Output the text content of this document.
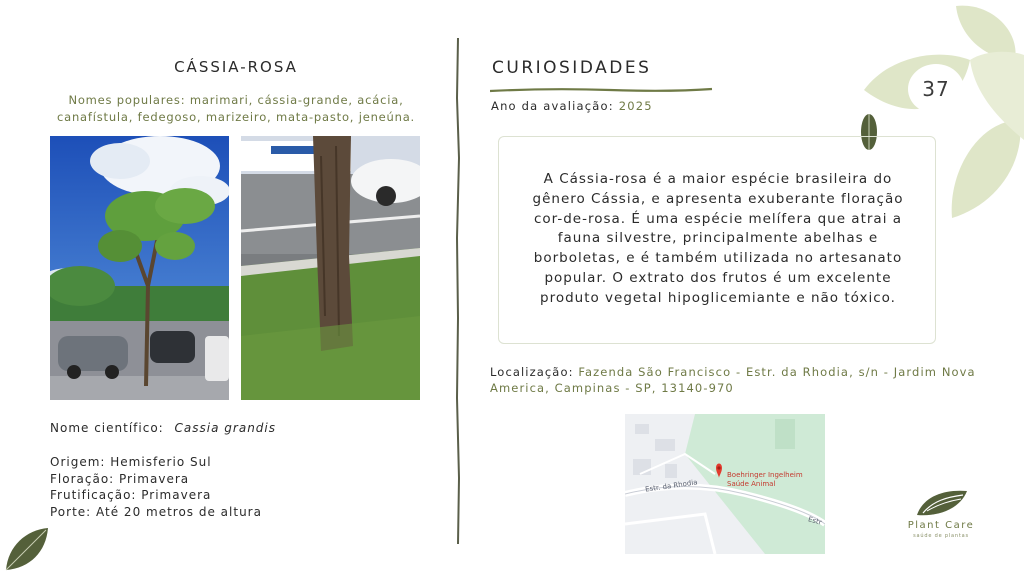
CÁSSIA-ROSA
Nomes populares: marimari, cássia-grande, acácia, canafístula, fedegoso, marizeiro, mata-pasto, jeneúna.
Nome científico: Cassia grandis
Origem: Hemisferio Sul
Floração: Primavera
Frutificação: Primavera
Porte: Até 20 metros de altura
CURIOSIDADES
Ano da avaliação: 2025
A Cássia-rosa é a maior espécie brasileira do gênero Cássia, e apresenta exuberante floração cor-de-rosa. É uma espécie melífera que atrai a fauna silvestre, principalmente abelhas e borboletas, e é também utilizada no artesanato popular. O extrato dos frutos é um excelente produto vegetal hipoglicemiante e não tóxico.
Localização: Fazenda São Francisco - Estr. da Rhodia, s/n - Jardim Nova America, Campinas - SP, 13140-970
Boehringer Ingelheim
Saúde Animal
Estr. da Rhodia
Estr
37
Plant Care
saúde de plantas
